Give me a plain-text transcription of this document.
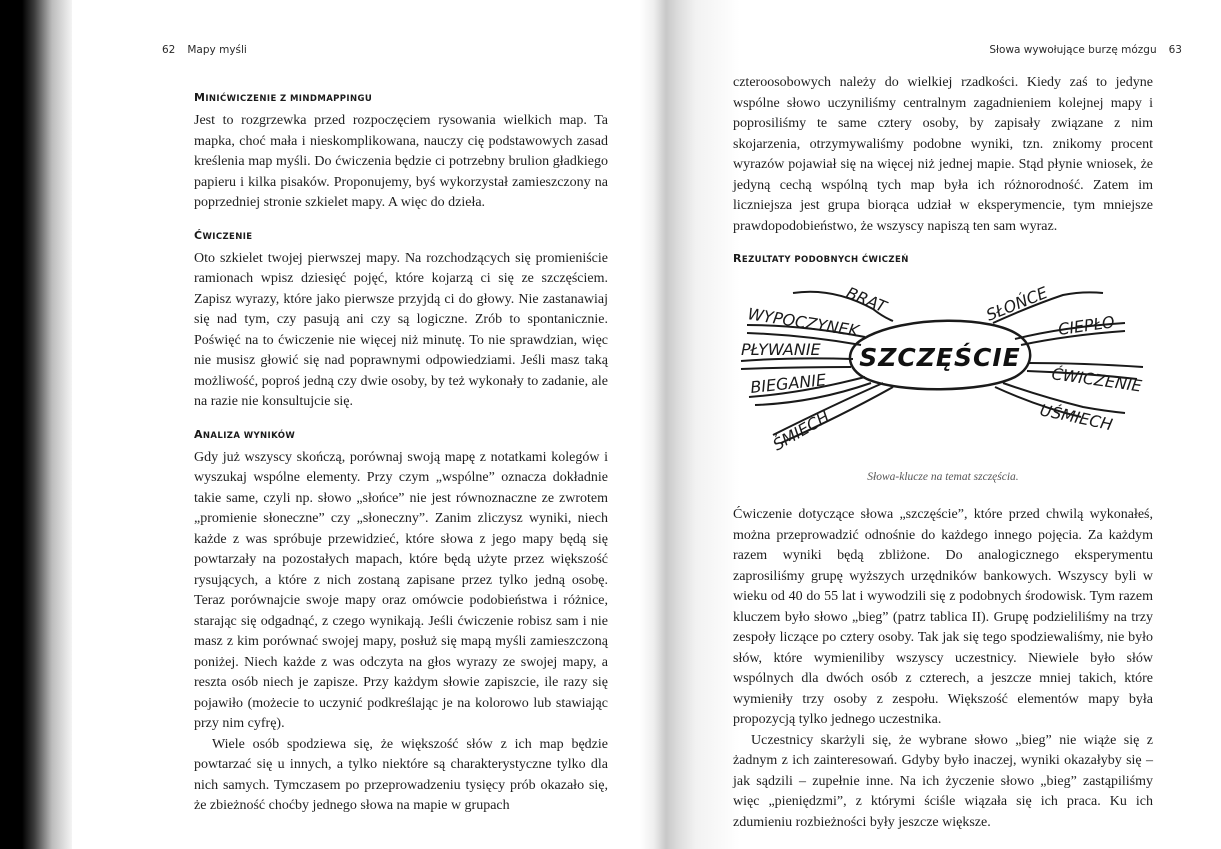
62 Mapy myśli
MINIĆWICZENIE Z MINDMAPPINGU

Jest to rozgrzewka przed rozpoczęciem rysowania wielkich map. Ta mapka, choć mała i nieskomplikowana, nauczy cię podstawowych zasad kreślenia map myśli. Do ćwiczenia będzie ci potrzebny brulion gładkiego papieru i kilka pisaków. Proponujemy, byś wykorzystał zamieszczony na poprzedniej stronie szkielet mapy. A więc do dzieła.

ĆWICZENIE

Oto szkielet twojej pierwszej mapy. Na rozchodzących się promieniście ramionach wpisz dziesięć pojęć, które kojarzą ci się ze szczęściem. Zapisz wyrazy, które jako pierwsze przyjdą ci do głowy. Nie zastanawiaj się nad tym, czy pasują ani czy są logiczne. Zrób to spontanicznie. Poświęć na to ćwiczenie nie więcej niż minutę. To nie sprawdzian, więc nie musisz głowić się nad poprawnymi odpowiedziami. Jeśli masz taką możliwość, poproś jedną czy dwie osoby, by też wykonały to zadanie, ale na razie nie konsultujcie się.

ANALIZA WYNIKÓW

Gdy już wszyscy skończą, porównaj swoją mapę z notatkami kolegów i wyszukaj wspólne elementy. Przy czym „wspólne” oznacza dokładnie takie same, czyli np. słowo „słońce” nie jest równoznaczne ze zwrotem „promienie słoneczne” czy „słoneczny”. Zanim zliczysz wyniki, niech każde z was spróbuje przewidzieć, które słowa z jego mapy będą się powtarzały na pozostałych mapach, które będą użyte przez większość rysujących, a które z nich zostaną zapisane przez tylko jedną osobę. Teraz porównajcie swoje mapy oraz omówcie podobieństwa i różnice, starając się odgadnąć, z czego wynikają. Jeśli ćwiczenie robisz sam i nie masz z kim porównać swojej mapy, posłuż się mapą myśli zamieszczoną poniżej. Niech każde z was odczyta na głos wyrazy ze swojej mapy, a reszta osób niech je zapisze. Przy każdym słowie zapiszcie, ile razy się pojawiło (możecie to uczynić podkreślając je na kolorowo lub stawiając przy nim cyfrę).

Wiele osób spodziewa się, że większość słów z ich map będzie powtarzać się u innych, a tylko niektóre są charakterystyczne tylko dla nich samych. Tymczasem po przeprowadzeniu tysięcy prób okazało się, że zbieżność choćby jednego słowa na mapie w grupach

Słowa wywołujące burzę mózgu 63

czteroosobowych należy do wielkiej rzadkości. Kiedy zaś to jedyne wspólne słowo uczyniliśmy centralnym zagadnieniem kolejnej mapy i poprosiliśmy te same cztery osoby, by zapisały związane z nim skojarzenia, otrzymywaliśmy podobne wyniki, tzn. znikomy procent wyrazów pojawiał się na więcej niż jednej mapie. Stąd płynie wniosek, że jedyną cechą wspólną tych map była ich różnorodność. Zatem im liczniejsza jest grupa biorąca udział w eksperymencie, tym mniejsze prawdopodobieństwo, że wszyscy napiszą ten sam wyraz.

REZULTATY PODOBNYCH ĆWICZEŃ
BRAT
WYPOCZYNEK
PŁYWANIE
BIEGANIE
ŚMIECH
SŁOŃCE
CIEPŁO
ĆWICZENIE
UŚMIECH
SZCZĘŚCIE
Słowa-klucze na temat szczęścia.

Ćwiczenie dotyczące słowa „szczęście”, które przed chwilą wykonałeś, można przeprowadzić odnośnie do każdego innego pojęcia. Za każdym razem wyniki będą zbliżone. Do analogicznego eksperymentu zaprosiliśmy grupę wyższych urzędników bankowych. Wszyscy byli w wieku od 40 do 55 lat i wywodzili się z podobnych środowisk. Tym razem kluczem było słowo „bieg” (patrz tablica II). Grupę podzieliliśmy na trzy zespoły liczące po cztery osoby. Tak jak się tego spodziewaliśmy, nie było słów, które wymieniliby wszyscy uczestnicy. Niewiele było słów wspólnych dla dwóch osób z czterech, a jeszcze mniej takich, które wymieniły trzy osoby z zespołu. Większość elementów mapy była propozycją tylko jednego uczestnika.

Uczestnicy skarżyli się, że wybrane słowo „bieg” nie wiąże się z żadnym z ich zainteresowań. Gdyby było inaczej, wyniki okazałyby się – jak sądzili – zupełnie inne. Na ich życzenie słowo „bieg” zastąpiliśmy więc „pieniędzmi”, z którymi ściśle wiązała się ich praca. Ku ich zdumieniu rozbieżności były jeszcze większe.
